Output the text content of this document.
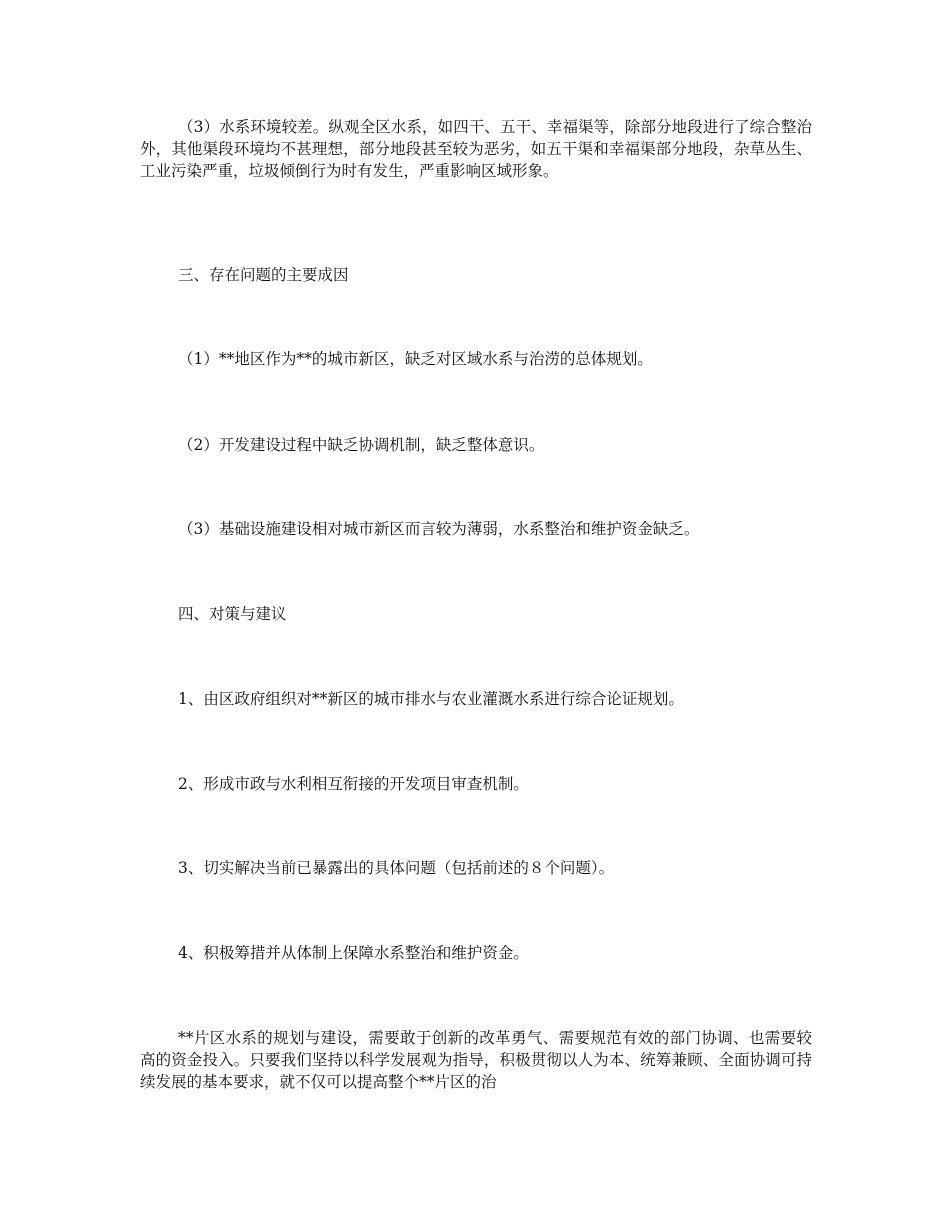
（3）水系环境较差。纵观全区水系，如四干、五干、幸福渠等，除部分地段进行了综合整治外，其他渠段环境均不甚理想，部分地段甚至较为恶劣，如五干渠和幸福渠部分地段，杂草丛生、工业污染严重，垃圾倾倒行为时有发生，严重影响区域形象。

三、存在问题的主要成因

（1）**地区作为**的城市新区，缺乏对区域水系与治涝的总体规划。

（2）开发建设过程中缺乏协调机制，缺乏整体意识。

（3）基础设施建设相对城市新区而言较为薄弱，水系整治和维护资金缺乏。

四、对策与建议

1、由区政府组织对**新区的城市排水与农业灌溉水系进行综合论证规划。

2、形成市政与水利相互衔接的开发项目审查机制。

3、切实解决当前已暴露出的具体问题（包括前述的８个问题）。

4、积极筹措并从体制上保障水系整治和维护资金。

**片区水系的规划与建设，需要敢于创新的改革勇气、需要规范有效的部门协调、也需要较高的资金投入。只要我们坚持以科学发展观为指导，积极贯彻以人为本、统筹兼顾、全面协调可持续发展的基本要求，就不仅可以提高整个**片区的治
